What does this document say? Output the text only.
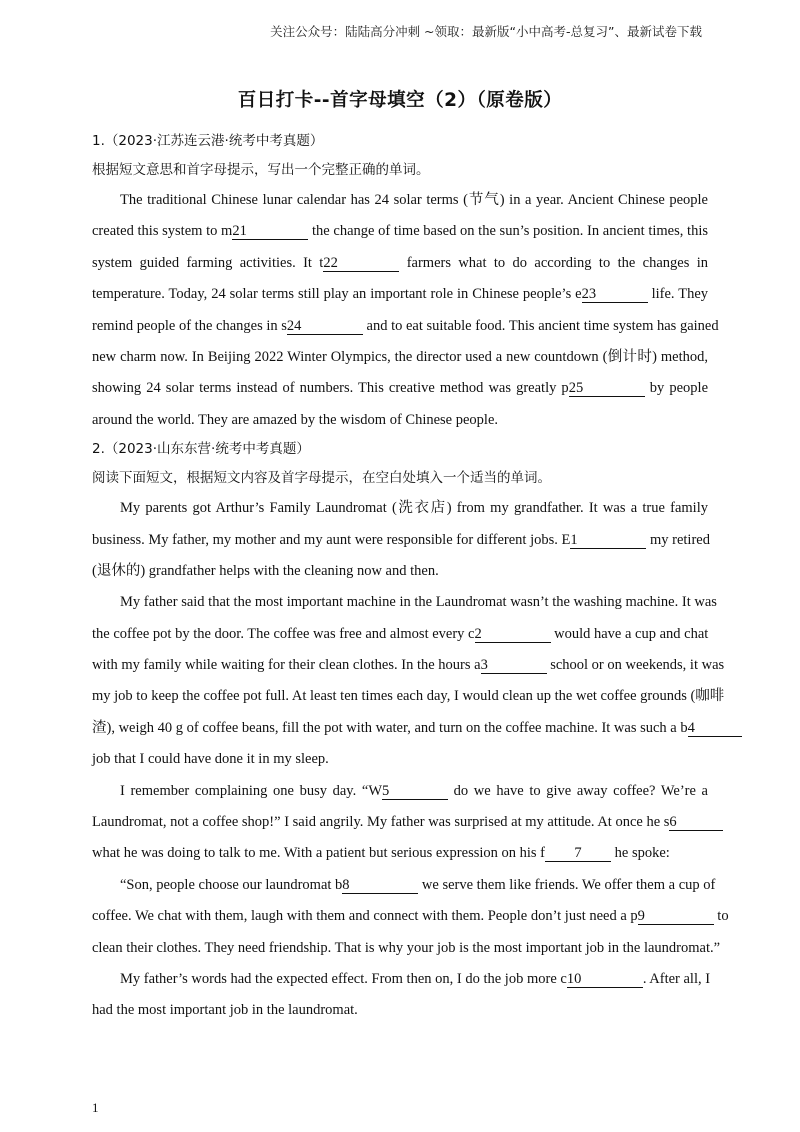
关注公众号：陆陆高分冲刺 ~领取：最新版“小中高考-总复习”、最新试卷下载
百日打卡--首字母填空（2）（原卷版）
1.（2023·江苏连云港·统考中考真题）
根据短文意思和首字母提示，写出一个完整正确的单词。
The traditional Chinese lunar calendar has 24 solar terms (节气) in a year. Ancient Chinese people
created this system to m21	the change of time based on the sun’s position. In ancient times, this
system guided farming activities. It t22	farmers what to do according to the changes in
temperature. Today, 24 solar terms still play an important role in Chinese people’s e23	life. They
remind people of the changes in s24	and to eat suitable food. This ancient time system has gained
new charm now. In Beijing 2022 Winter Olympics, the director used a new countdown (倒计时) method,
showing 24 solar terms instead of numbers. This creative method was greatly p25	by people
around the world. They are amazed by the wisdom of Chinese people.
2.（2023·山东东营·统考中考真题）
阅读下面短文，根据短文内容及首字母提示，在空白处填入一个适当的单词。
My parents got Arthur’s Family Laundromat (洗衣店) from my grandfather. It was a true family
business. My father, my mother and my aunt were responsible for different jobs. E1	my retired
(退休的) grandfather helps with the cleaning now and then.
My father said that the most important machine in the Laundromat wasn’t the washing machine. It was
the coffee pot by the door. The coffee was free and almost every c2	would have a cup and chat
with my family while waiting for their clean clothes. In the hours a3	school or on weekends, it was
my job to keep the coffee pot full. At least ten times each day, I would clean up the wet coffee grounds (咖啡
渣), weigh 40 g of coffee beans, fill the pot with water, and turn on the coffee machine. It was such a b4
job that I could have done it in my sleep.
I remember complaining one busy day. “W5	do we have to give away coffee? We’re a
Laundromat, not a coffee shop!” I said angrily. My father was surprised at my attitude. At once he s6
what he was doing to talk to me. With a patient but serious expression on his f 7 he spoke:
“Son, people choose our laundromat b8	we serve them like friends. We offer them a cup of
coffee. We chat with them, laugh with them and connect with them. People don’t just need a p9	to
clean their clothes. They need friendship. That is why your job is the most important job in the laundromat.”
My father’s words had the expected effect. From then on, I do the job more c10	. After all, I
had the most important job in the laundromat.
1
